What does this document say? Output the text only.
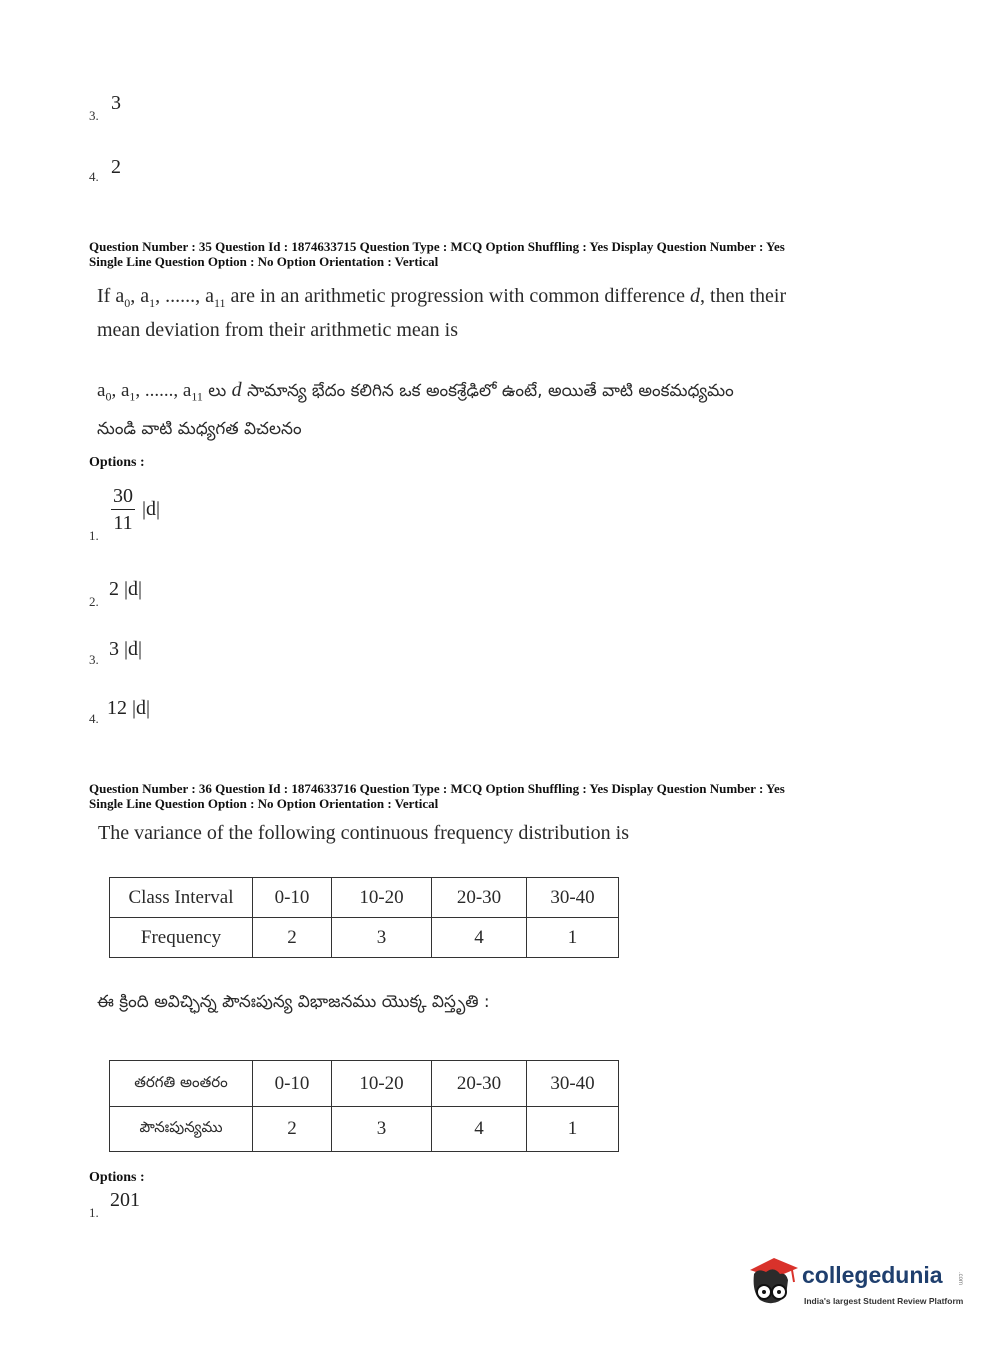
3.
3
4. 2
Question Number : 35 Question Id : 1874633715 Question Type : MCQ Option Shuffling : Yes Display Question Number : Yes
Single Line Question Option : No Option Orientation : Vertical
If $a_0$, $a_1$, ......, $a_{11}$ are in an arithmetic progression with common difference d, then their
mean deviation from their arithmetic mean is
$a_0$, $a_1$, ......, $a_{11}$ లు d సామాన్య భేదం కలిగిన ఒక అంకశ్రేఢిలో ఉంటే, అయితే వాటి అంకమధ్యమం
నుండి వాటి మధ్యగత విచలనం
Options :
1. $\frac{30}{11} |d|$
2.
2 |d|
3. 3 |d|
4. 12 |d|
Question Number : 36 Question Id : 1874633716 Question Type : MCQ Option Shuffling : Yes Display Question Number : Yes
Single Line Question Option : No Option Orientation : Vertical
The variance of the following continuous frequency distribution is
Class Interval	0-10	10-20	20-30	30-40
Frequency	2	3	4	1
ఈ క్రింది అవిచ్ఛిన్న పౌనఃపున్య విభాజనము యొక్క విస్తృతి :
తరగతి అంతరం	0-10	10-20	20-30	30-40
పౌనఃపున్యము	2	3	4	1
Options :
1.
201
collegedunia .com
India's largest Student Review Platform
